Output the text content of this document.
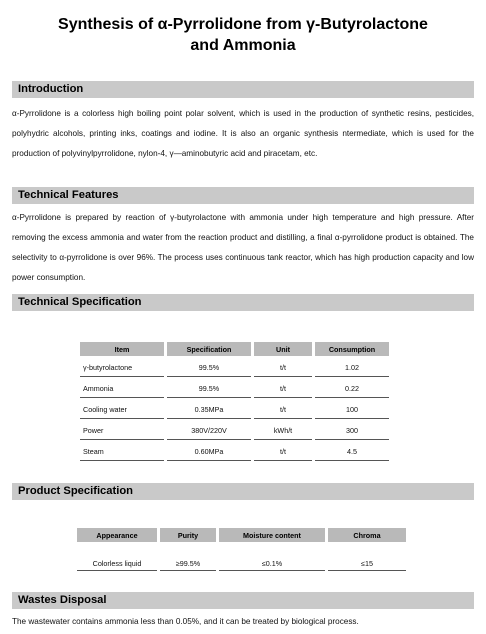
Synthesis of α-Pyrrolidone from γ-Butyrolactone
and Ammonia
Introduction
α-Pyrrolidone is a colorless high boiling point polar solvent, which is used in the production of synthetic resins, pesticides, polyhydric alcohols, printing inks, coatings and iodine. It is also an organic synthesis ntermediate, which is used for the production of polyvinylpyrrolidone, nylon-4, γ—aminobutyric acid and piracetam, etc.
Technical Features
α-Pyrrolidone is prepared by reaction of γ-butyrolactone with ammonia under high temperature and high pressure. After removing the excess ammonia and water from the reaction product and distilling, a final α-pyrrolidone product is obtained. The selectivity to α-pyrrolidone is over 96%. The process uses continuous tank reactor, which has high production capacity and low power consumption.
Technical Specification
Item	Specification	Unit	Consumption
γ-butyrolactone	99.5%	t/t	1.02
Ammonia	99.5%	t/t	0.22
Cooling water	0.35MPa	t/t	100
Power	380V/220V	kWh/t	300
Steam	0.60MPa	t/t	4.5
Product Specification
Appearance	Purity	Moisture content	Chroma
Colorless liquid	≥99.5%	≤0.1%	≤15
Wastes Disposal
The wastewater contains ammonia less than 0.05%, and it can be treated by biological process.
